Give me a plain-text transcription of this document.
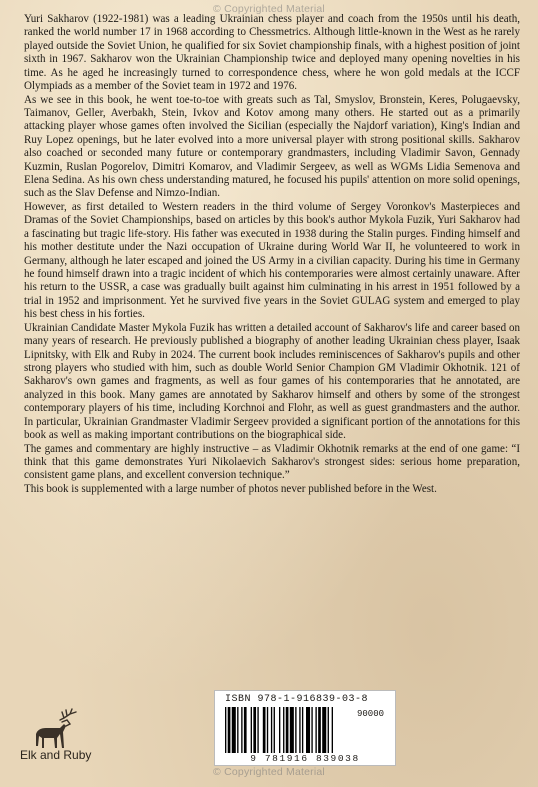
© Copyrighted Material

Yuri Sakharov (1922-1981) was a leading Ukrainian chess player and coach from the 1950s until his death, ranked the world number 17 in 1968 according to Chessmetrics. Although little-known in the West as he rarely played outside the Soviet Union, he qualified for six Soviet championship finals, with a highest position of joint sixth in 1967. Sakharov won the Ukrainian Championship twice and deployed many opening novelties in his time. As he aged he increasingly turned to correspondence chess, where he won gold medals at the ICCF Olympiads as a member of the Soviet team in 1972 and 1976.

As we see in this book, he went toe-to-toe with greats such as Tal, Smyslov, Bronstein, Keres, Polugaevsky, Taimanov, Geller, Averbakh, Stein, Ivkov and Kotov among many others. He started out as a primarily attacking player whose games often involved the Sicilian (especially the Najdorf variation), King's Indian and Ruy Lopez openings, but he later evolved into a more universal player with strong positional skills. Sakharov also coached or seconded many future or contemporary grandmasters, including Vladimir Savon, Gennady Kuzmin, Ruslan Pogorelov, Dimitri Komarov, and Vladimir Sergeev, as well as WGMs Lidia Semenova and Elena Sedina. As his own chess understanding matured, he focused his pupils' attention on more solid openings, such as the Slav Defense and Nimzo-Indian.

However, as first detailed to Western readers in the third volume of Sergey Voronkov's Masterpieces and Dramas of the Soviet Championships, based on articles by this book's author Mykola Fuzik, Yuri Sakharov had a fascinating but tragic life-story. His father was executed in 1938 during the Stalin purges. Finding himself and his mother destitute under the Nazi occupation of Ukraine during World War II, he volunteered to work in Germany, although he later escaped and joined the US Army in a civilian capacity. During his time in Germany he found himself drawn into a tragic incident of which his contemporaries were almost certainly unaware. After his return to the USSR, a case was gradually built against him culminating in his arrest in 1951 followed by a trial in 1952 and imprisonment. Yet he survived five years in the Soviet GULAG system and emerged to play his best chess in his forties.

Ukrainian Candidate Master Mykola Fuzik has written a detailed account of Sakharov's life and career based on many years of research. He previously published a biography of another leading Ukrainian chess player, Isaak Lipnitsky, with Elk and Ruby in 2024. The current book includes reminiscences of Sakharov's pupils and other strong players who studied with him, such as double World Senior Champion GM Vladimir Okhotnik. 121 of Sakharov's own games and fragments, as well as four games of his contemporaries that he annotated, are analyzed in this book. Many games are annotated by Sakharov himself and others by some of the strongest contemporary players of his time, including Korchnoi and Flohr, as well as guest grandmasters and the author. In particular, Ukrainian Grandmaster Vladimir Sergeev provided a significant portion of the annotations for this book as well as making important contributions on the biographical side.

The games and commentary are highly instructive – as Vladimir Okhotnik remarks at the end of one game: “I think that this game demonstrates Yuri Nikolaevich Sakharov's strongest sides: serious home preparation, consistent game plans, and excellent conversion technique.”

This book is supplemented with a large number of photos never published before in the West.

Elk and Ruby
ISBN 978-1-916839-03-8
90000
9 781916 839038
© Copyrighted Material
